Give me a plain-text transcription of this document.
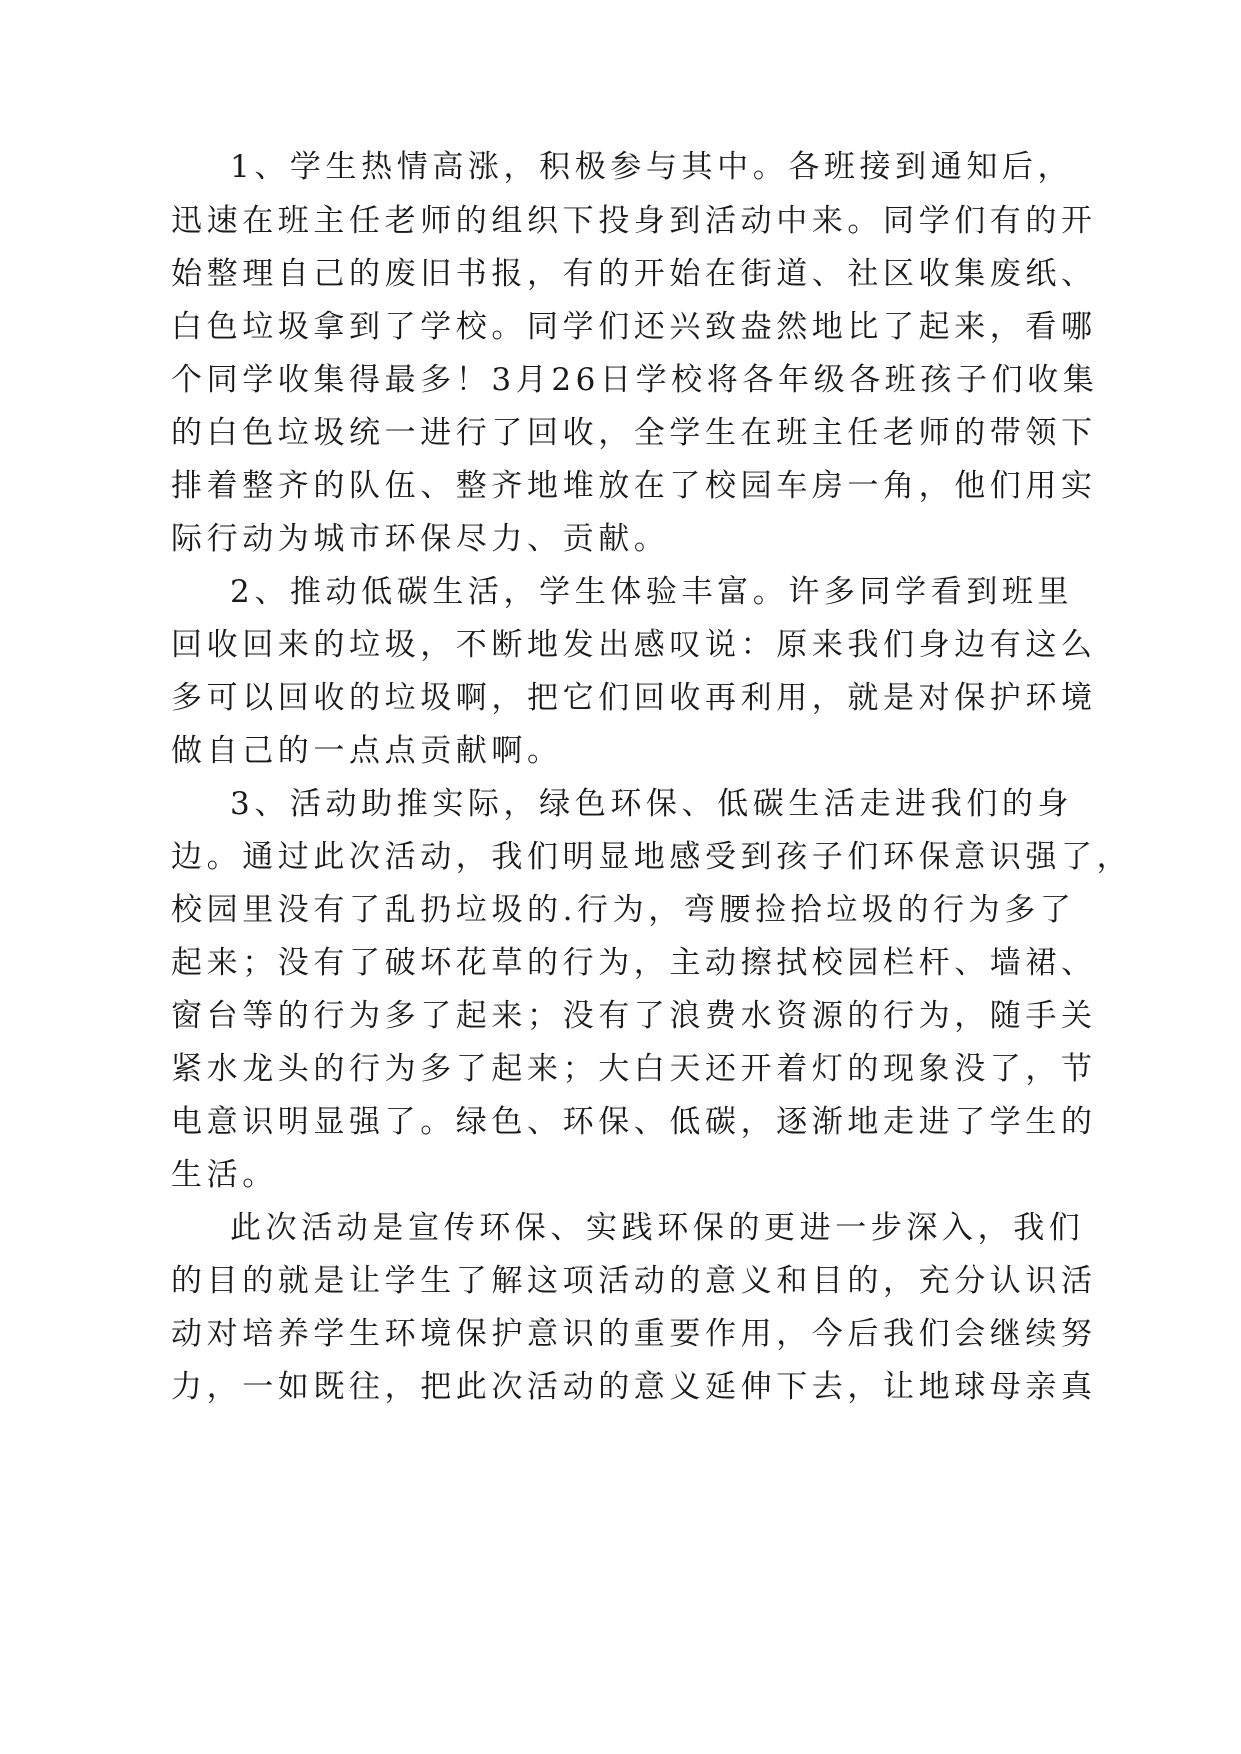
1、学生热情高涨，积极参与其中。各班接到通知后，
迅速在班主任老师的组织下投身到活动中来。同学们有的开
始整理自己的废旧书报，有的开始在街道、社区收集废纸、
白色垃圾拿到了学校。同学们还兴致盎然地比了起来，看哪
个同学收集得最多！3月26日学校将各年级各班孩子们收集
的白色垃圾统一进行了回收，全学生在班主任老师的带领下
排着整齐的队伍、整齐地堆放在了校园车房一角，他们用实
际行动为城市环保尽力、贡献。
2、推动低碳生活，学生体验丰富。许多同学看到班里
回收回来的垃圾，不断地发出感叹说：原来我们身边有这么
多可以回收的垃圾啊，把它们回收再利用，就是对保护环境
做自己的一点点贡献啊。
3、活动助推实际，绿色环保、低碳生活走进我们的身
边。通过此次活动，我们明显地感受到孩子们环保意识强了，
校园里没有了乱扔垃圾的.行为，弯腰捡拾垃圾的行为多了
起来；没有了破坏花草的行为，主动擦拭校园栏杆、墙裙、
窗台等的行为多了起来；没有了浪费水资源的行为，随手关
紧水龙头的行为多了起来；大白天还开着灯的现象没了，节
电意识明显强了。绿色、环保、低碳，逐渐地走进了学生的
生活。
此次活动是宣传环保、实践环保的更进一步深入，我们
的目的就是让学生了解这项活动的意义和目的，充分认识活
动对培养学生环境保护意识的重要作用，今后我们会继续努
力，一如既往，把此次活动的意义延伸下去，让地球母亲真
